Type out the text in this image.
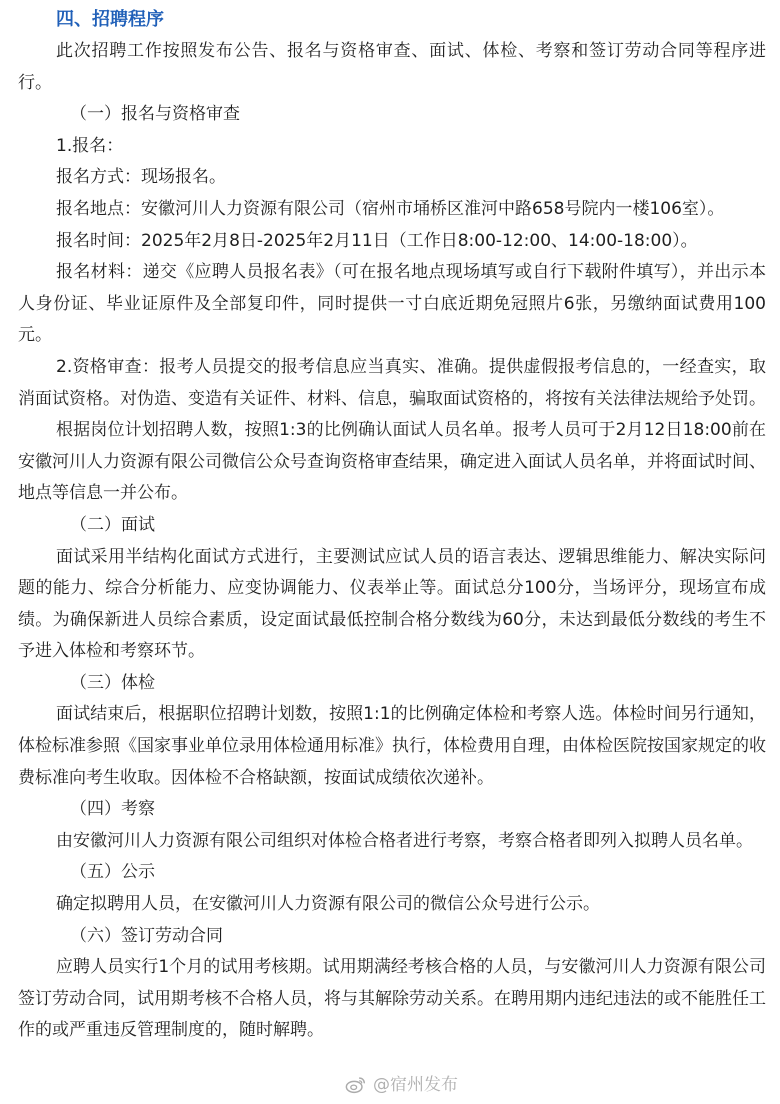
四、招聘程序

此次招聘工作按照发布公告、报名与资格审查、面试、体检、考察和签订劳动合同等程序进行。

（一）报名与资格审查

1.报名：

报名方式：现场报名。

报名地点：安徽河川人力资源有限公司（宿州市埇桥区淮河中路658号院内一楼106室）。

报名时间：2025年2月8日-2025年2月11日（工作日8:00-12:00、14:00-18:00）。

报名材料：递交《应聘人员报名表》（可在报名地点现场填写或自行下载附件填写），并出示本人身份证、毕业证原件及全部复印件，同时提供一寸白底近期免冠照片6张，另缴纳面试费用100元。

2.资格审查：报考人员提交的报考信息应当真实、准确。提供虚假报考信息的，一经查实，取消面试资格。对伪造、变造有关证件、材料、信息，骗取面试资格的，将按有关法律法规给予处罚。

根据岗位计划招聘人数，按照1:3的比例确认面试人员名单。报考人员可于2月12日18:00前在安徽河川人力资源有限公司微信公众号查询资格审查结果，确定进入面试人员名单，并将面试时间、地点等信息一并公布。

（二）面试

面试采用半结构化面试方式进行，主要测试应试人员的语言表达、逻辑思维能力、解决实际问题的能力、综合分析能力、应变协调能力、仪表举止等。面试总分100分，当场评分，现场宣布成绩。为确保新进人员综合素质，设定面试最低控制合格分数线为60分，未达到最低分数线的考生不予进入体检和考察环节。

（三）体检

面试结束后，根据职位招聘计划数，按照1:1的比例确定体检和考察人选。体检时间另行通知，体检标准参照《国家事业单位录用体检通用标准》执行，体检费用自理，由体检医院按国家规定的收费标准向考生收取。因体检不合格缺额，按面试成绩依次递补。

（四）考察

由安徽河川人力资源有限公司组织对体检合格者进行考察，考察合格者即列入拟聘人员名单。

（五）公示

确定拟聘用人员，在安徽河川人力资源有限公司的微信公众号进行公示。

（六）签订劳动合同

应聘人员实行1个月的试用考核期。试用期满经考核合格的人员，与安徽河川人力资源有限公司签订劳动合同，试用期考核不合格人员，将与其解除劳动关系。在聘用期内违纪违法的或不能胜任工作的或严重违反管理制度的，随时解聘。

@宿州发布
